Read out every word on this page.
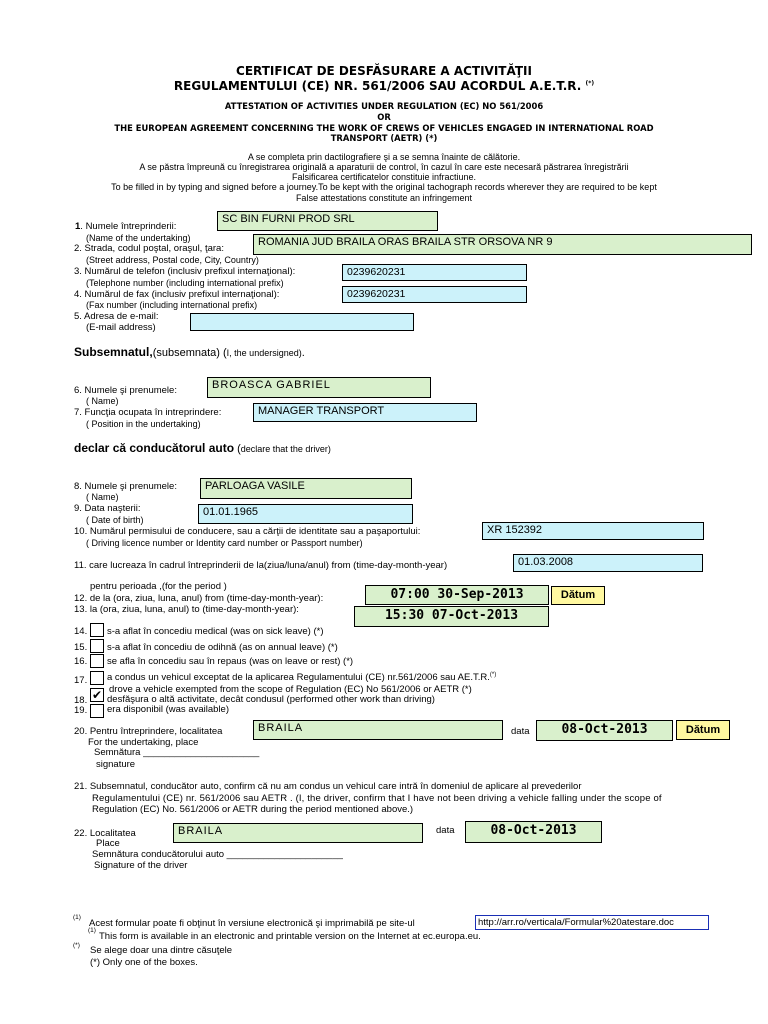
CERTIFICAT DE DESFĂSURARE A ACTIVITĂŢII
REGULAMENTULUI (CE) NR. 561/2006 SAU ACORDUL A.E.T.R. (*)
ATTESTATION OF ACTIVITIES UNDER REGULATION (EC) NO 561/2006
OR
THE EUROPEAN AGREEMENT CONCERNING THE WORK OF CREWS OF VEHICLES ENGAGED IN INTERNATIONAL ROAD
TRANSPORT (AETR) (*)
A se completa prin dactilografiere şi a se semna înainte de călătorie.
A se păstra împreună cu înregistrarea originală a aparaturii de control, în cazul în care este necesară păstrarea înregistrării
Falsificarea certificatelor constituie infractiune.
To be filled in by typing and signed before a journey.To be kept with the original tachograph records wherever they are required to be kept
False attestations constitute an infringement
1. Numele întreprinderii:
(Name of the undertaking)
SC BIN FURNI PROD SRL
2. Strada, codul poştal, oraşul, ţara:
(Street address, Postal code, City, Country)
ROMANIA JUD BRAILA ORAS BRAILA STR ORSOVA NR 9
3. Numărul de telefon (inclusiv prefixul internaţional):
(Telephone number (including international prefix)
0239620231
4. Numărul de fax (inclusiv prefixul internaţional):
(Fax number (including international prefix)
0239620231
5. Adresa de e-mail:
(E-mail address)
Subsemnatul,(subsemnata) (I, the undersigned).
6. Numele şi prenumele:
( Name)
BROASCA GABRIEL
7. Funcţia ocupata în intreprindere:
( Position in the undertaking)
MANAGER TRANSPORT
declar că conducătorul auto (declare that the driver)
8. Numele şi prenumele:
( Name)
PARLOAGA VASILE
9. Data naşterii:
( Date of birth)
01.01.1965
10. Numărul permisului de conducere, sau a cărţii de identitate sau a paşaportului:
( Driving licence number or Identity card number or Passport number)
XR 152392
11. care lucreaza în cadrul întreprinderii de la(ziua/luna/anul) from (time-day-month-year)	01.03.2008
pentru perioada ,(for the period )
12. de la (ora, ziua, luna, anul) from (time-day-month-year):	07:00 30-Sep-2013	Dătum
13. la (ora, ziua, luna, anul) to (time-day-month-year):	15:30 07-Oct-2013
14. s-a aflat în concediu medical (was on sick leave) (*)
15. s-a aflat în concediu de odihnă (as on annual leave) (*)
16. se afla în concediu sau în repaus (was on leave or rest) (*)
17. a condus un vehicul exceptat de la aplicarea Regulamentului (CE) nr.561/2006 sau AE.T.R.(*)
drove a vehicle exempted from the scope of Regulation (EC) No 561/2006 or AETR (*)
18. ✔ desfăşura o altă activitate, decât condusul (performed other work than driving)
19. era disponibil (was available)
20. Pentru întreprindere, localitatea
For the undertaking, place
BRAILA	data	08-Oct-2013	Dătum
Semnătura ______________________
signature
21. Subsemnatul, conducător auto, confirm că nu am condus un vehicul care intră în domeniul de aplicare al prevederilor
Regulamentului (CE) nr. 561/2006 sau AETR . (I, the driver, confirm that I have not been driving a vehicle falling under the scope of
Regulation (EC) No. 561/2006 or AETR during the period mentioned above.)
22. Localitatea
Place
BRAILA	data	08-Oct-2013
Semnătura conducătorului auto ______________________
Signature of the driver
(1)
Acest formular poate fi obţinut în versiune electronică şi imprimabilă pe site-ul	http://arr.ro/verticala/Formular%20atestare.doc
(1)
This form is available in an electronic and printable version on the Internet at ec.europa.eu.
(*) Se alege doar una dintre căsuţele
(*) Only one of the boxes.
